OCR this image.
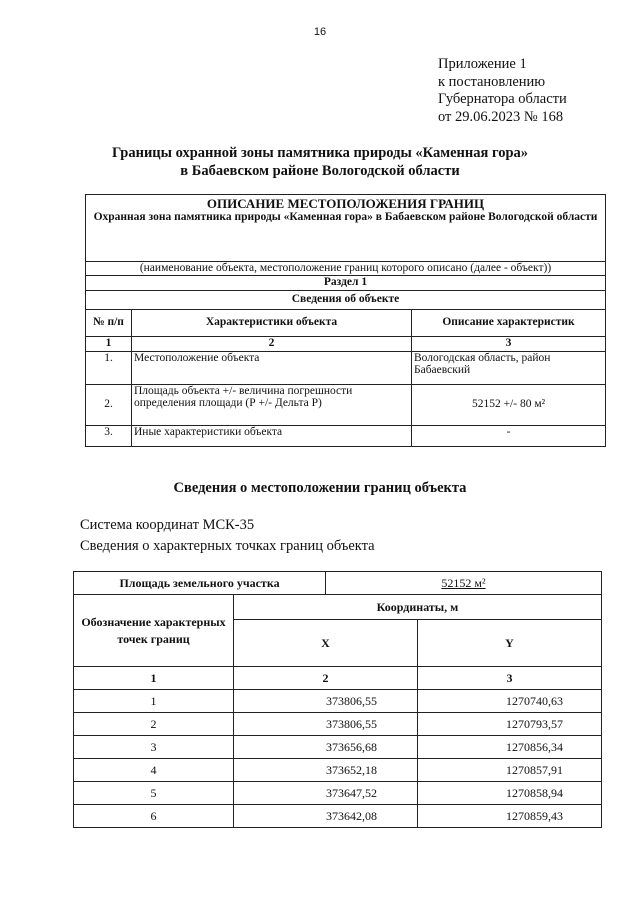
16
Приложение 1
к постановлению
Губернатора области
от 29.06.2023 № 168
Границы охранной зоны памятника природы «Каменная гора»
в Бабаевском районе Вологодской области
ОПИСАНИЕ МЕСТОПОЛОЖЕНИЯ ГРАНИЦ
Охранная зона памятника природы «Каменная гора» в Бабаевском районе Вологодской области		

(наименование объекта, местоположение границ которого описано (далее - объект))		
Раздел 1		
Сведения об объекте		
№ п/п	Характеристики объекта	Описание характеристик
1	2	3
1.	Местоположение объекта	Вологодская область, район Бабаевский
2.	Площадь объекта +/- величина погрешности определения площади (Р +/- Дельта Р)	52152 +/- 80 м²
3.	Иные характеристики объекта	-
Сведения о местоположении границ объекта
Система координат МСК-35
Сведения о характерных точках границ объекта
Площадь земельного участка		52152 м²	
Обозначение характерных точек границ	Координаты, м		
	X		Y
1	2		3
1	373806,55		1270740,63
2	373806,55		1270793,57
3	373656,68		1270856,34
4	373652,18		1270857,91
5	373647,52		1270858,94
6	373642,08		1270859,43
